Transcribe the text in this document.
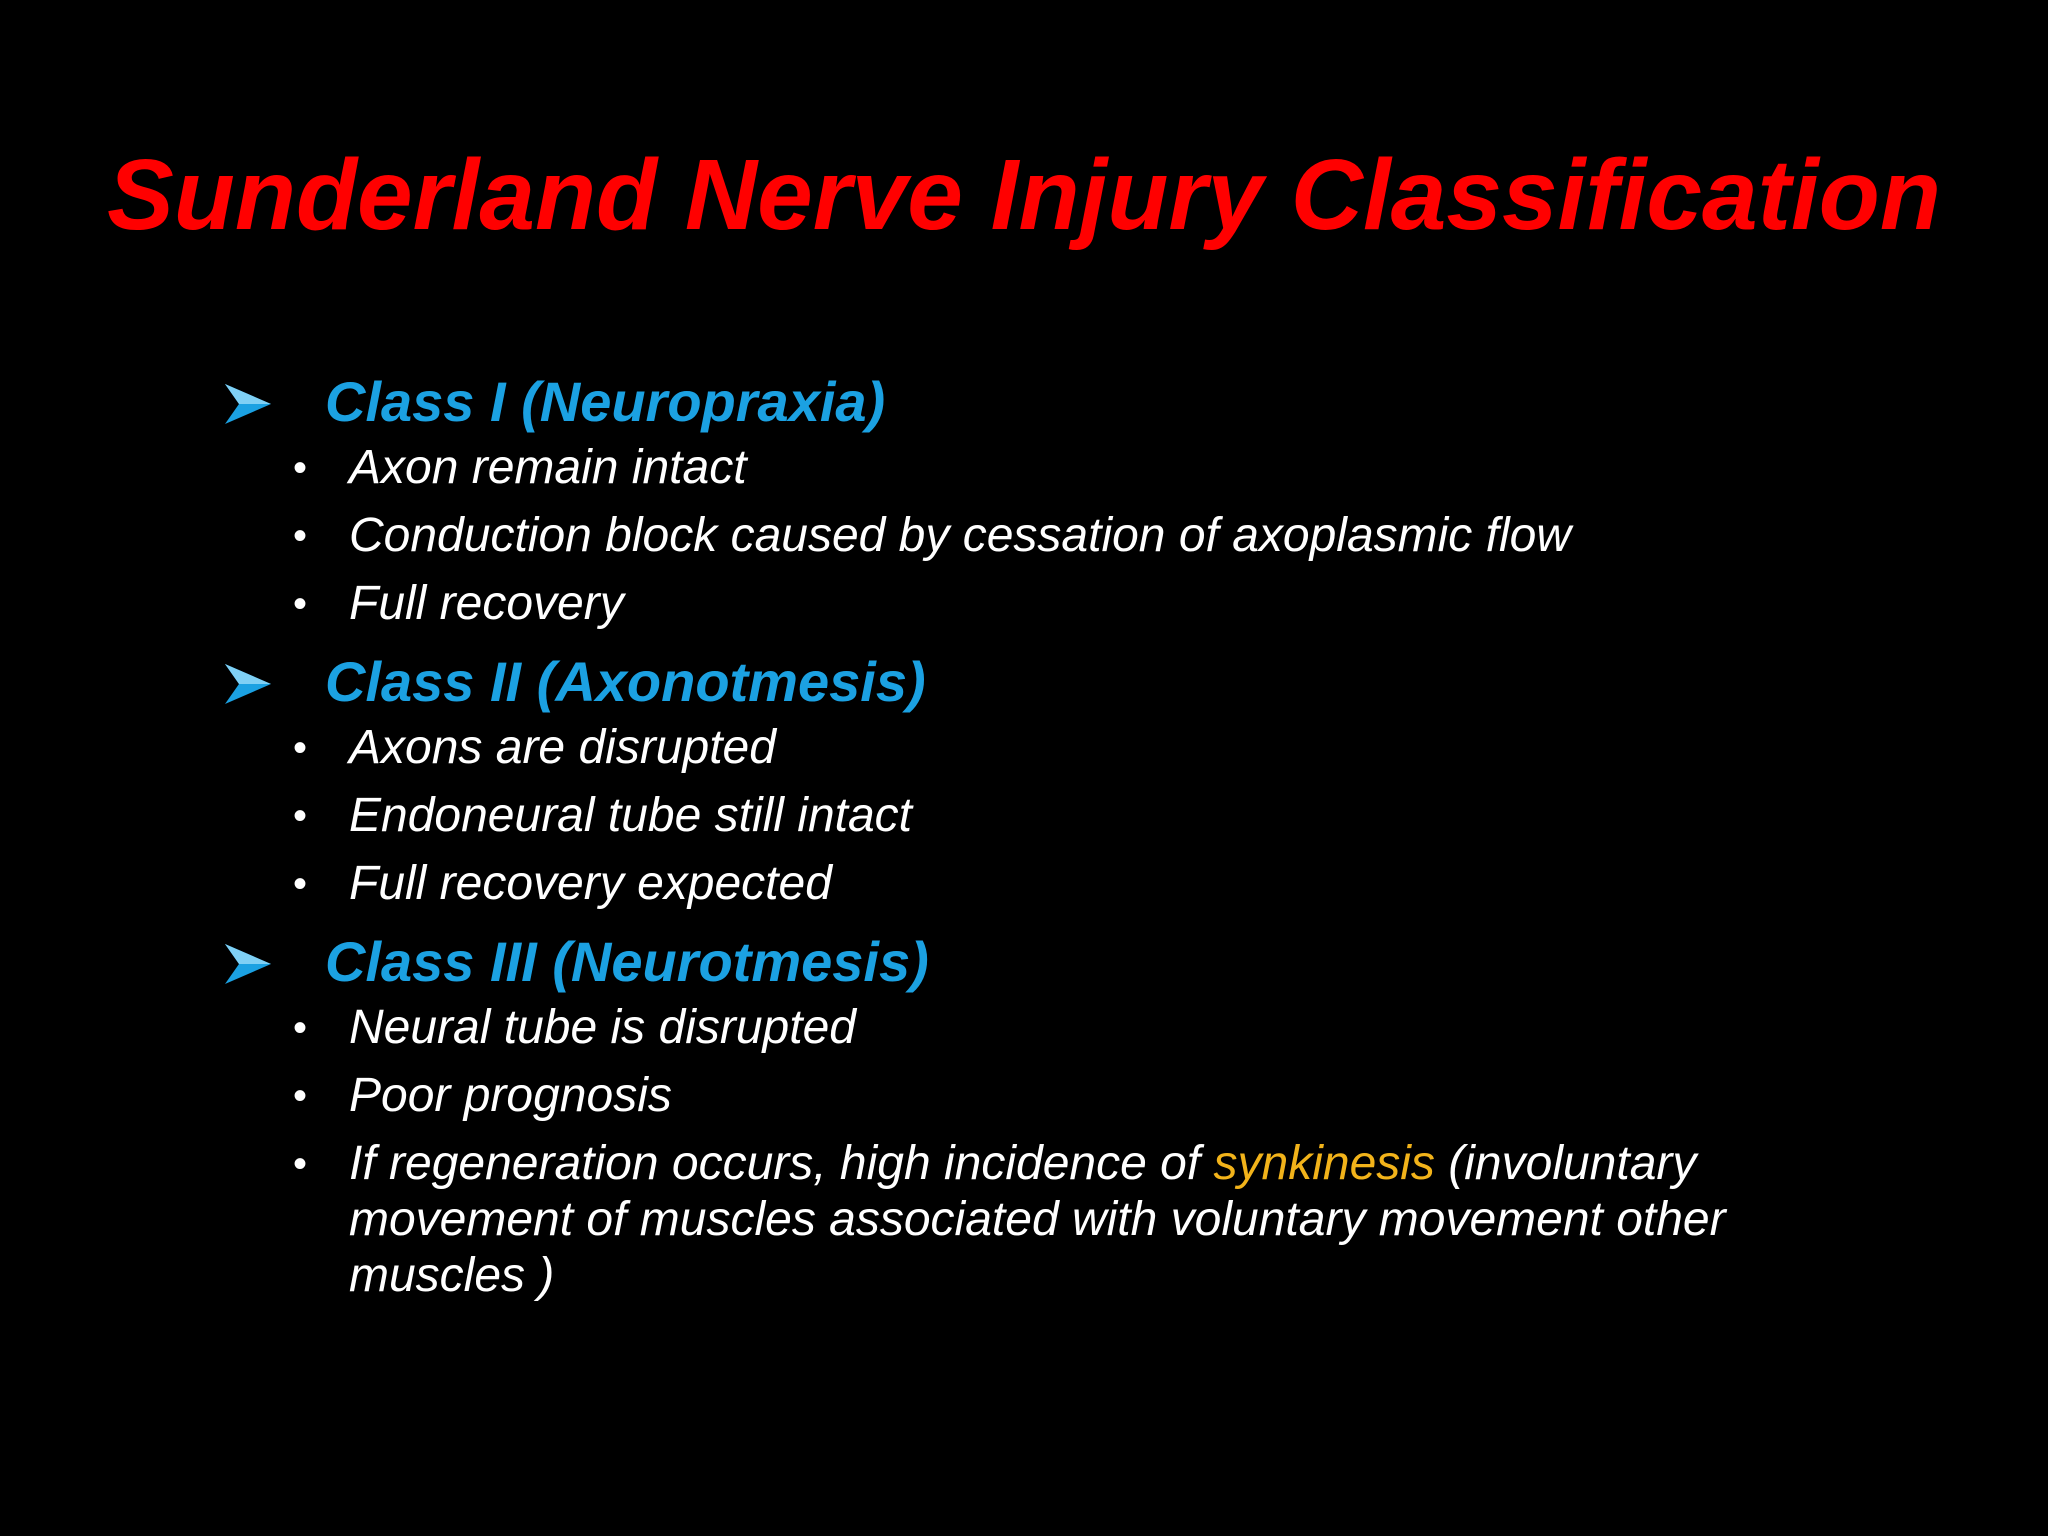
Sunderland Nerve Injury Classification
Class I (Neuropraxia)
• Axon remain intact
• Conduction block caused by cessation of axoplasmic flow
• Full recovery
Class II (Axonotmesis)
• Axons are disrupted
• Endoneural tube still intact
• Full recovery expected
Class III (Neurotmesis)
• Neural tube is disrupted
• Poor prognosis
• If regeneration occurs, high incidence of synkinesis (involuntary movement of muscles associated with voluntary movement other muscles )
